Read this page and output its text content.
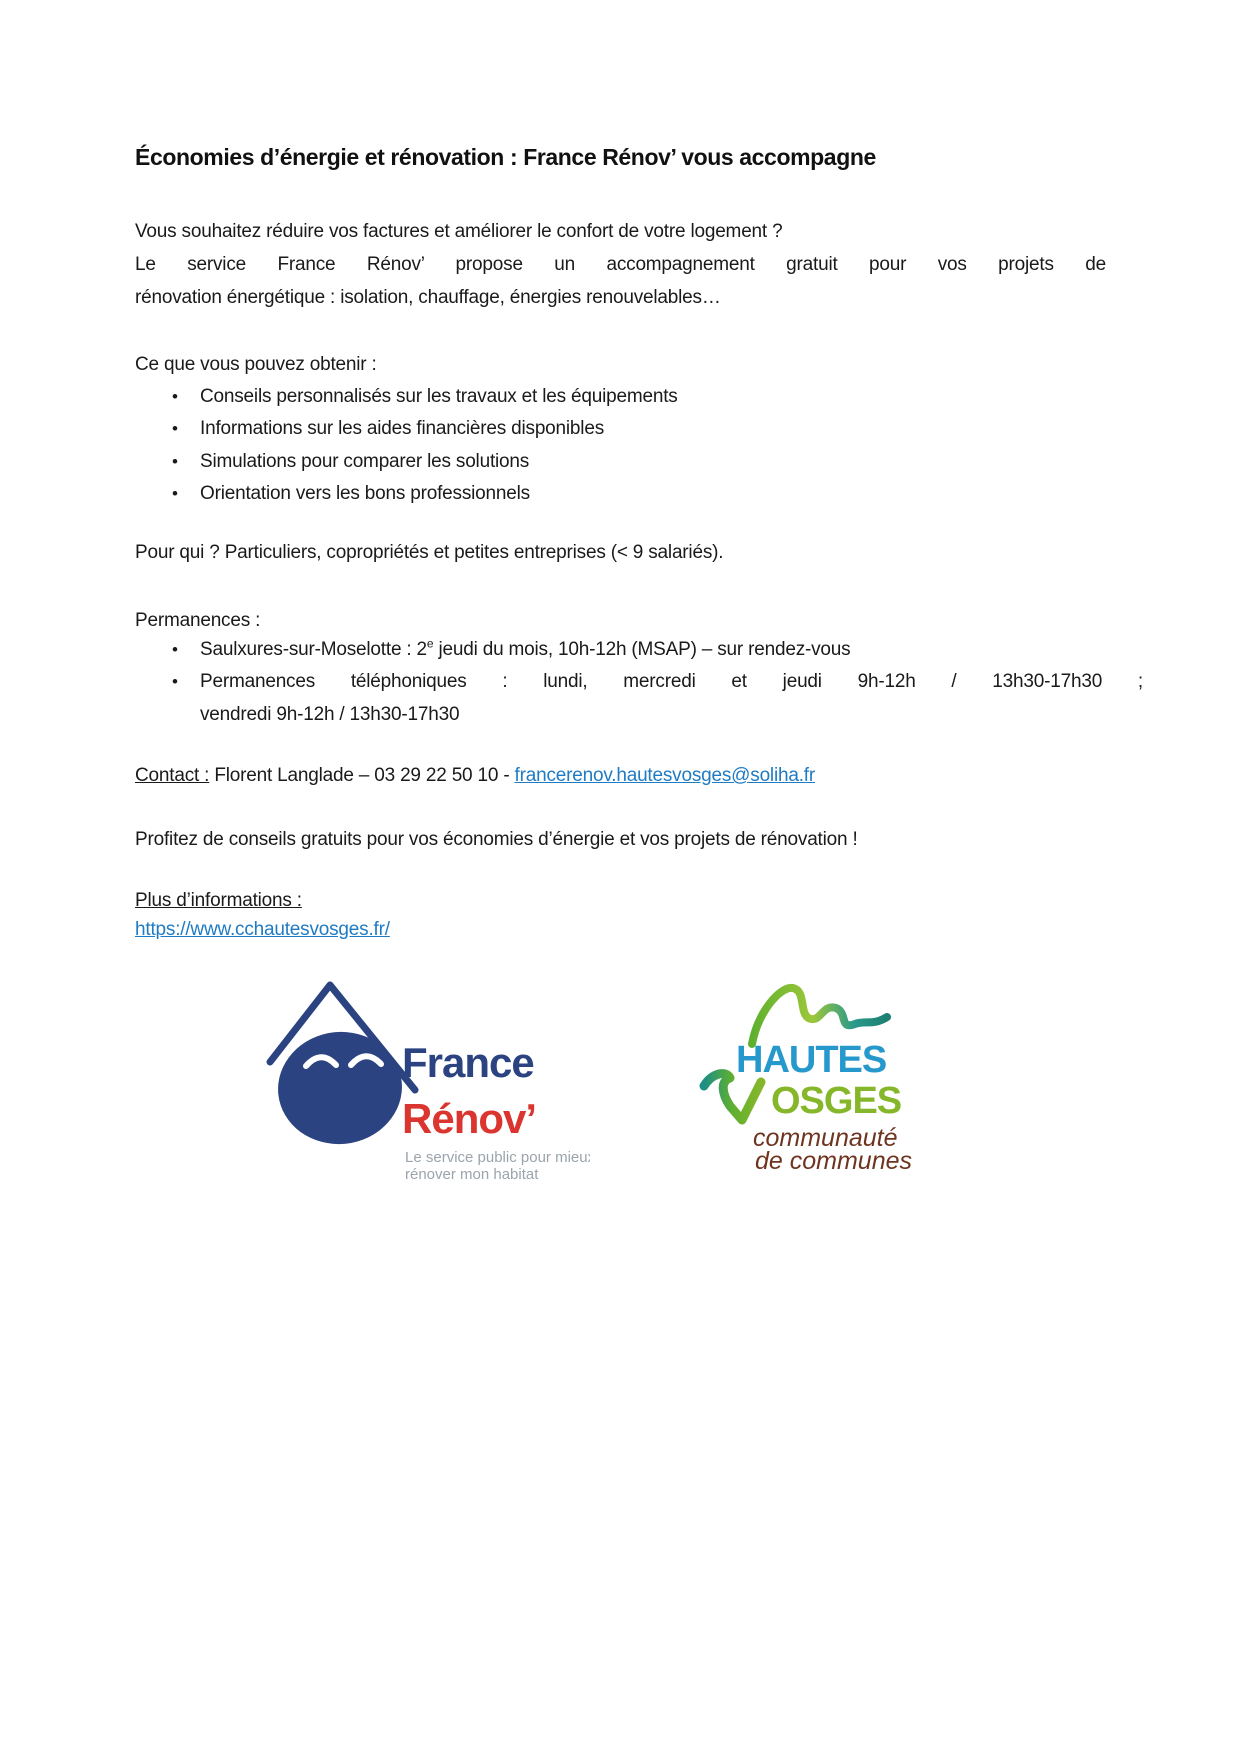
Économies d’énergie et rénovation : France Rénov’ vous accompagne
Vous souhaitez réduire vos factures et améliorer le confort de votre logement ?
Le service France Rénov’ propose un accompagnement gratuit pour vos projets de
rénovation énergétique : isolation, chauffage, énergies renouvelables…
Ce que vous pouvez obtenir :
•	Conseils personnalisés sur les travaux et les équipements
•	Informations sur les aides financières disponibles
•	Simulations pour comparer les solutions
•	Orientation vers les bons professionnels
Pour qui ? Particuliers, copropriétés et petites entreprises (< 9 salariés).
Permanences :
•	Saulxures-sur-Moselotte : 2e jeudi du mois, 10h-12h (MSAP) – sur rendez-vous
•	Permanences téléphoniques : lundi, mercredi et jeudi 9h-12h / 13h30-17h30 ;
vendredi 9h-12h / 13h30-17h30
Contact : Florent Langlade – 03 29 22 50 10 - francerenov.hautesvosges@soliha.fr
Profitez de conseils gratuits pour vos économies d’énergie et vos projets de rénovation !
Plus d’informations :
https://www.cchautesvosges.fr/
France
Rénov’
Le service public pour mieux
rénover mon habitat
HAUTES
OSGES
communauté
de communes
